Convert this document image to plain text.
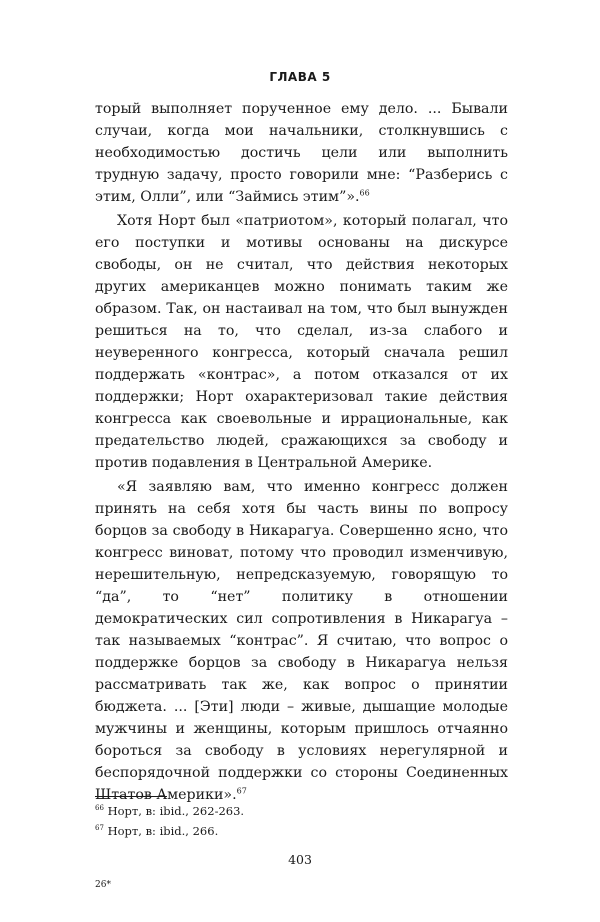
ГЛАВА 5

торый выполняет порученное ему дело. ... Бывали случаи, когда мои начальники, столкнувшись с необходимостью достичь цели или выполнить трудную задачу, просто говорили мне: “Разберись с этим, Олли”, или “Займись этим”».$^{66}$

Хотя Норт был «патриотом», который полагал, что его поступки и мотивы основаны на дискурсе свободы, он не считал, что действия некоторых других американцев можно понимать таким же образом. Так, он настаивал на том, что был вынужден решиться на то, что сделал, из-за слабого и неуверенного конгресса, который сначала решил поддержать «контрас», а потом отказался от их поддержки; Норт охарактеризовал такие действия конгресса как своевольные и иррациональные, как предательство людей, сражающихся за свободу и против подавления в Центральной Америке.

«Я заявляю вам, что именно конгресс должен принять на себя хотя бы часть вины по вопросу борцов за свободу в Никарагуа. Совершенно ясно, что конгресс виноват, потому что проводил изменчивую, нерешительную, непредсказуемую, говорящую то “да”, то “нет” политику в отношении демократических сил сопротивления в Никарагуа – так называемых “контрас”. Я считаю, что вопрос о поддержке борцов за свободу в Никарагуа нельзя рассматривать так же, как вопрос о принятии бюджета. ... [Эти] люди – живые, дышащие молодые мужчины и женщины, которым пришлось отчаянно бороться за свободу в условиях нерегулярной и беспорядочной поддержки со стороны Соединенных Штатов Америки».$^{67}$

$^{66}$ Норт, в: ibid., 262-263.
$^{67}$ Норт, в: ibid., 266.
403
26*
